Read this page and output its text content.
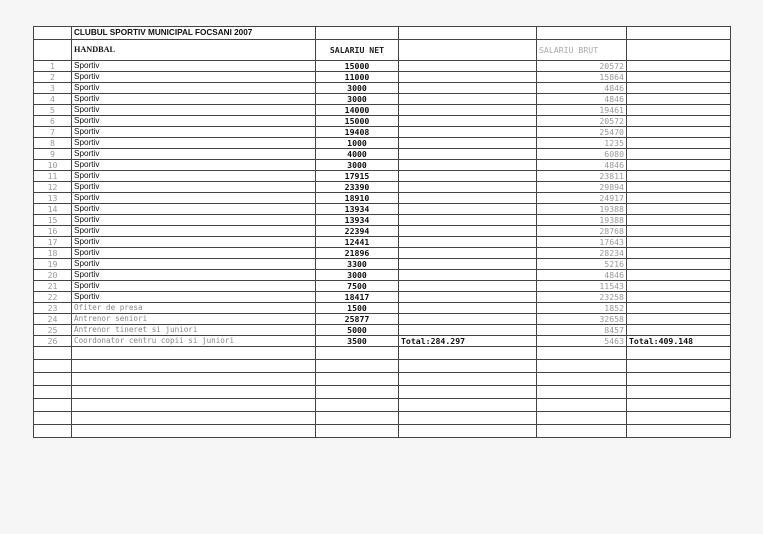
	CLUBUL SPORTIV MUNICIPAL FOCSANI 2007				
	HANDBAL	SALARIU NET		SALARIU BRUT	
1	Sportiv	15000		20572	
2	Sportiv	11000		15864	
3	Sportiv	3000		4846	
4	Sportiv	3000		4846	
5	Sportiv	14000		19461	
6	Sportiv	15000		20572	
7	Sportiv	19408		25470	
8	Sportiv	1000		1235	
9	Sportiv	4000		6080	
10	Sportiv	3000		4846	
11	Sportiv	17915		23811	
12	Sportiv	23390		29894	
13	Sportiv	18910		24917	
14	Sportiv	13934		19388	
15	Sportiv	13934		19388	
16	Sportiv	22394		28768	
17	Sportiv	12441		17643	
18	Sportiv	21896		28234	
19	Sportiv	3300		5216	
20	Sportiv	3000		4846	
21	Sportiv	7500		11543	
22	Sportiv	18417		23258	
23	Ofiter de presa	1500		1852	
24	Antrenor seniori	25877		32658	
25	Antrenor tineret si juniori	5000		8457	
26	Coordonator centru copii si juniori	3500	Total:284.297	5463	Total:409.148
